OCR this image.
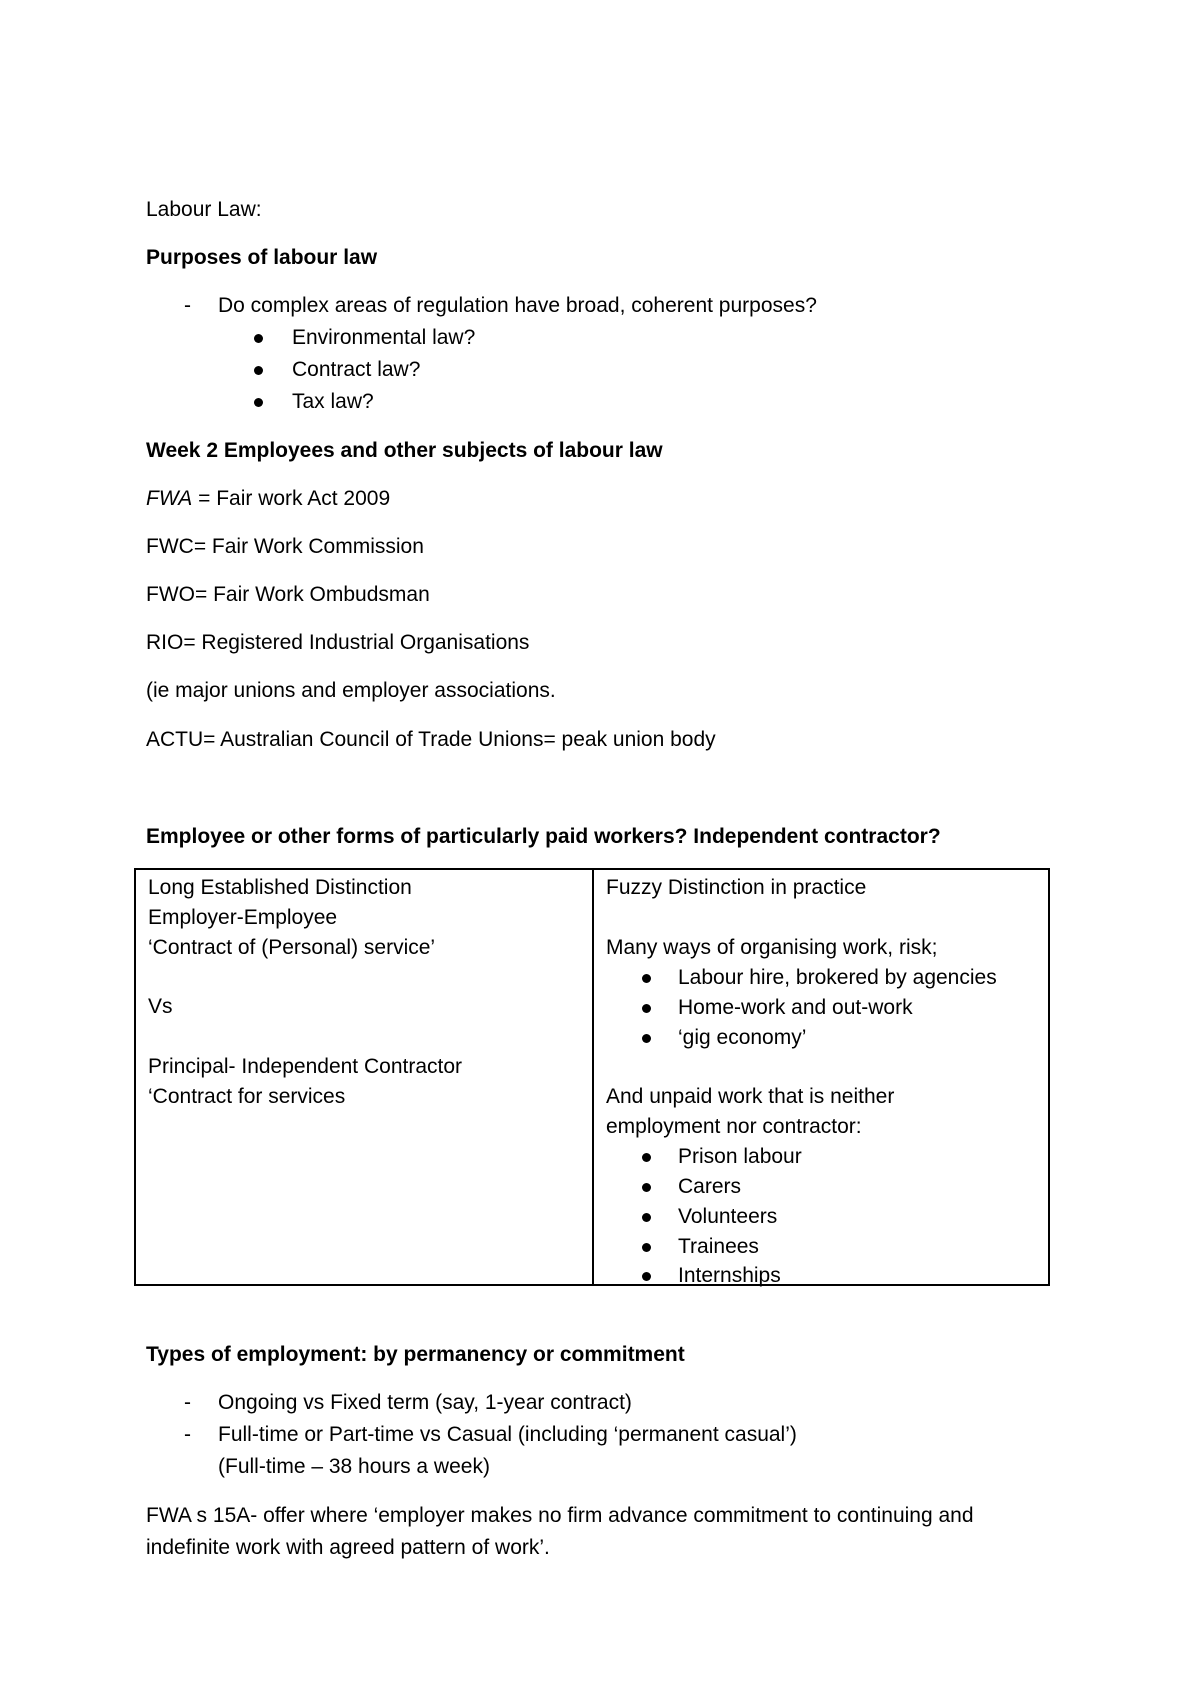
Labour Law:
Purposes of labour law
- Do complex areas of regulation have broad, coherent purposes?
Environmental law?
Contract law?
Tax law?
Week 2 Employees and other subjects of labour law
FWA = Fair work Act 2009
FWC= Fair Work Commission
FWO= Fair Work Ombudsman
RIO= Registered Industrial Organisations
(ie major unions and employer associations.
ACTU= Australian Council of Trade Unions= peak union body
Employee or other forms of particularly paid workers? Independent contractor?
Long Established Distinction
Employer-Employee
‘Contract of (Personal) service’
Vs
Principal- Independent Contractor
‘Contract for services
Fuzzy Distinction in practice
Many ways of organising work, risk;
Labour hire, brokered by agencies
Home-work and out-work
‘gig economy’
And unpaid work that is neither
employment nor contractor:
Prison labour
Carers
Volunteers
Trainees
Internships
Types of employment: by permanency or commitment
- Ongoing vs Fixed term (say, 1-year contract)
- Full-time or Part-time vs Casual (including ‘permanent casual’)
(Full-time – 38 hours a week)
FWA s 15A- offer where ‘employer makes no firm advance commitment to continuing and
indefinite work with agreed pattern of work’.
